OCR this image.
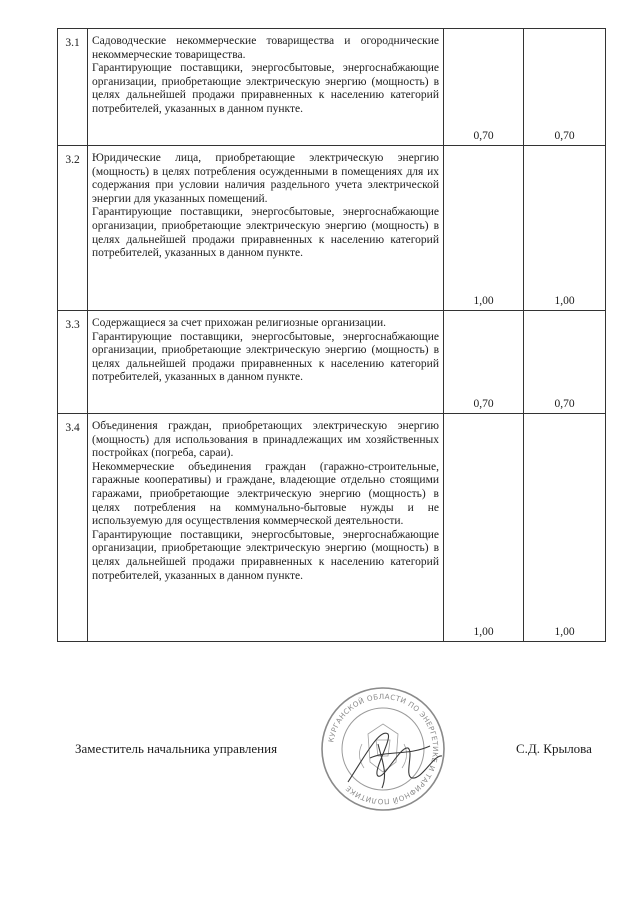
3.1	Садоводческие некоммерческие товарищества и огороднические некоммерческие товарищества.

Гарантирующие поставщики, энергосбытовые, энергоснабжающие организации, приобретающие электрическую энергию (мощность) в целях дальнейшей продажи приравненных к населению категорий потребителей, указанных в данном пункте.	0,70	0,70
3.2	Юридические лица, приобретающие электрическую энергию (мощность) в целях потребления осужденными в помещениях для их содержания при условии наличия раздельного учета электрической энергии для указанных помещений.

Гарантирующие поставщики, энергосбытовые, энергоснабжающие организации, приобретающие электрическую энергию (мощность) в целях дальнейшей продажи приравненных к населению категорий потребителей, указанных в данном пункте.	1,00	1,00
3.3	Содержащиеся за счет прихожан религиозные организации.

Гарантирующие поставщики, энергосбытовые, энергоснабжающие организации, приобретающие электрическую энергию (мощность) в целях дальнейшей продажи приравненных к населению категорий потребителей, указанных в данном пункте.	0,70	0,70
3.4	Объединения граждан, приобретающих электрическую энергию (мощность) для использования в принадлежащих им хозяйственных постройках (погреба, сараи).

Некоммерческие объединения граждан (гаражно-строительные, гаражные кооперативы) и граждане, владеющие отдельно стоящими гаражами, приобретающие электрическую энергию (мощность) в целях потребления на коммунально-бытовые нужды и не используемую для осуществления коммерческой деятельности.

Гарантирующие поставщики, энергосбытовые, энергоснабжающие организации, приобретающие электрическую энергию (мощность) в целях дальнейшей продажи приравненных к населению категорий потребителей, указанных в данном пункте.	1,00	1,00
Заместитель начальника управления	С.Д. Крылова
КУРГАНСКОЙ ОБЛАСТИ ПО ЭНЕРГЕТИКЕ И ТАРИФНОЙ ПОЛИТИКЕ
